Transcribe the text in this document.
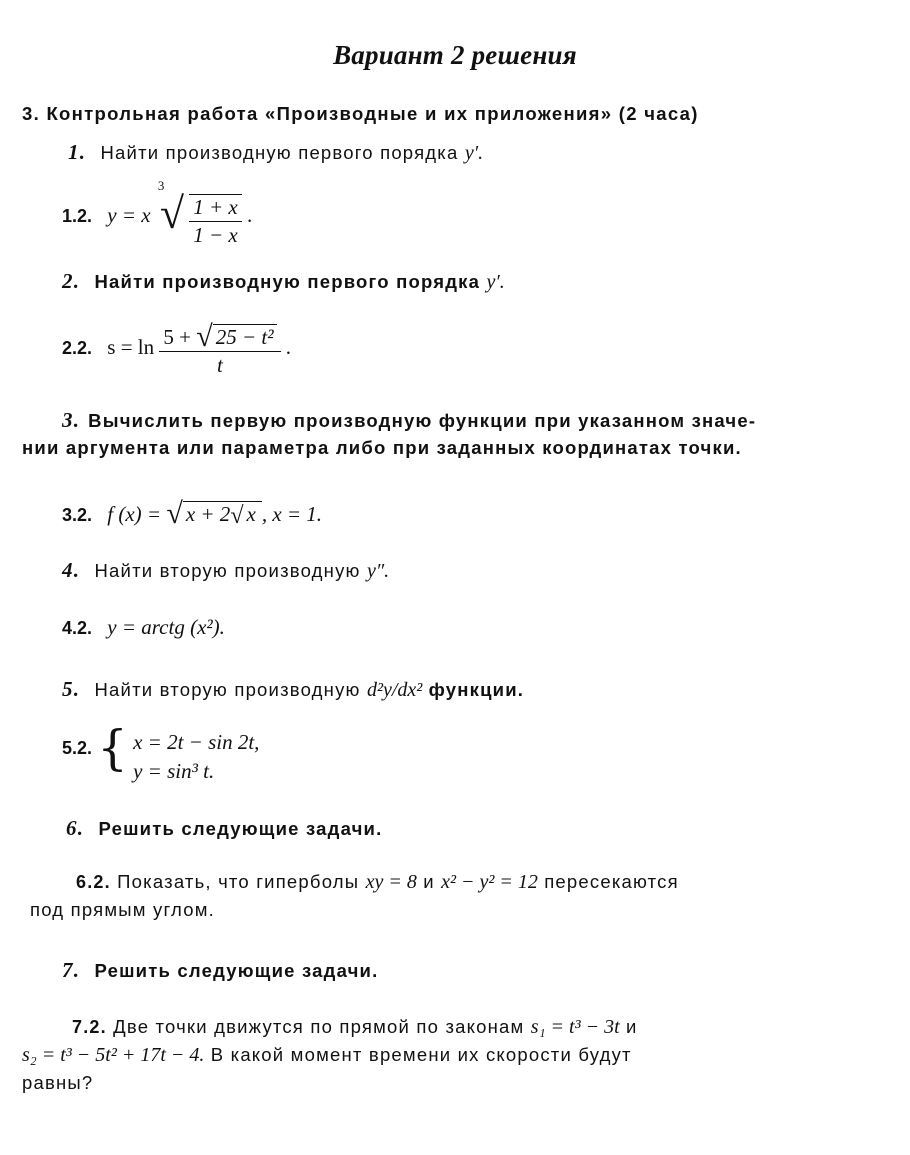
Вариант 2 решения
3. Контрольная работа «Производные и их приложения» (2 часа)
1. Найти производную первого порядка y′.
1.2. y = x
3
√ $\frac{1 + x}{1 - x}$ .
2. Найти производную первого порядка y′.
2.2. $s = \ln \frac{\text{5 + √ 25 − t²}}{t}$ .
3. Вычислить первую производную функции при указанном значе-
нии аргумента или параметра либо при заданных координатах точки.
3.2. f (x) = √ x + 2√ x , x = 1.
4. Найти вторую производную y″.
4.2. y = arctg (x²).
5. Найти вторую производную d²y/dx² функции.
5.2. { x = 2t − sin 2t,
y = sin³ t.
6. Решить следующие задачи.
6.2. Показать, что гиперболы xy = 8 и x² − y² = 12 пересекаются
под прямым углом.
7. Решить следующие задачи.
7.2. Две точки движутся по прямой по законам s₁ = t³ − 3t и
s₂ = t³ − 5t² + 17t − 4. В какой момент времени их скорости будут
равны?
